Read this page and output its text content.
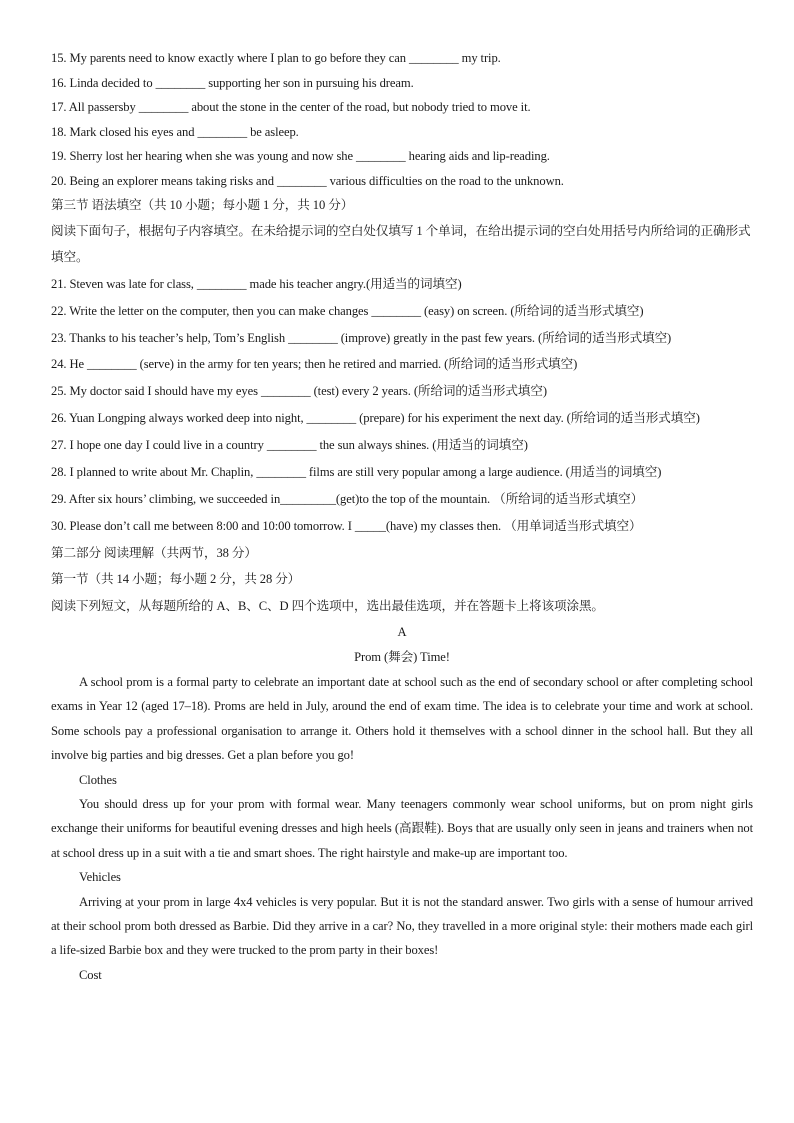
15. My parents need to know exactly where I plan to go before they can ________ my trip.
16. Linda decided to ________ supporting her son in pursuing his dream.
17. All passersby ________ about the stone in the center of the road, but nobody tried to move it.
18. Mark closed his eyes and ________ be asleep.
19. Sherry lost her hearing when she was young and now she ________ hearing aids and lip-reading.
20. Being an explorer means taking risks and ________ various difficulties on the road to the unknown.
第三节 语法填空（共 10 小题；每小题 1 分，共 10 分）
阅读下面句子，根据句子内容填空。在未给提示词的空白处仅填写 1 个单词，在给出提示词的空白处用括号内所给词的正确形式填空。
21. Steven was late for class, ________ made his teacher angry.(用适当的词填空)
22. Write the letter on the computer, then you can make changes ________ (easy) on screen. (所给词的适当形式填空)
23. Thanks to his teacher’s help, Tom’s English ________ (improve) greatly in the past few years. (所给词的适当形式填空)
24. He ________ (serve) in the army for ten years; then he retired and married. (所给词的适当形式填空)
25. My doctor said I should have my eyes ________ (test) every 2 years. (所给词的适当形式填空)
26. Yuan Longping always worked deep into night, ________ (prepare) for his experiment the next day. (所给词的适当形式填空)
27. I hope one day I could live in a country ________ the sun always shines. (用适当的词填空)
28. I planned to write about Mr. Chaplin, ________ films are still very popular among a large audience. (用适当的词填空)
29. After six hours’ climbing, we succeeded in_________(get)to the top of the mountain. （所给词的适当形式填空）
30. Please don’t call me between 8:00 and 10:00 tomorrow. I _____(have) my classes then. （用单词适当形式填空）
第二部分 阅读理解（共两节，38 分）
第一节（共 14 小题；每小题 2 分，共 28 分）
阅读下列短文，从每题所给的 A、B、C、D 四个选项中，选出最佳选项，并在答题卡上将该项涂黑。
A
Prom (舞会) Time!
A school prom is a formal party to celebrate an important date at school such as the end of secondary school or after completing school exams in Year 12 (aged 17–18). Proms are held in July, around the end of exam time. The idea is to celebrate your time and work at school. Some schools pay a professional organisation to arrange it. Others hold it themselves with a school dinner in the school hall. But they all involve big parties and big dresses. Get a plan before you go!
Clothes
You should dress up for your prom with formal wear. Many teenagers commonly wear school uniforms, but on prom night girls exchange their uniforms for beautiful evening dresses and high heels (高跟鞋). Boys that are usually only seen in jeans and trainers when not at school dress up in a suit with a tie and smart shoes. The right hairstyle and make-up are important too.
Vehicles
Arriving at your prom in large 4x4 vehicles is very popular. But it is not the standard answer. Two girls with a sense of humour arrived at their school prom both dressed as Barbie. Did they arrive in a car? No, they travelled in a more original style: their mothers made each girl a life-sized Barbie box and they were trucked to the prom party in their boxes!
Cost
